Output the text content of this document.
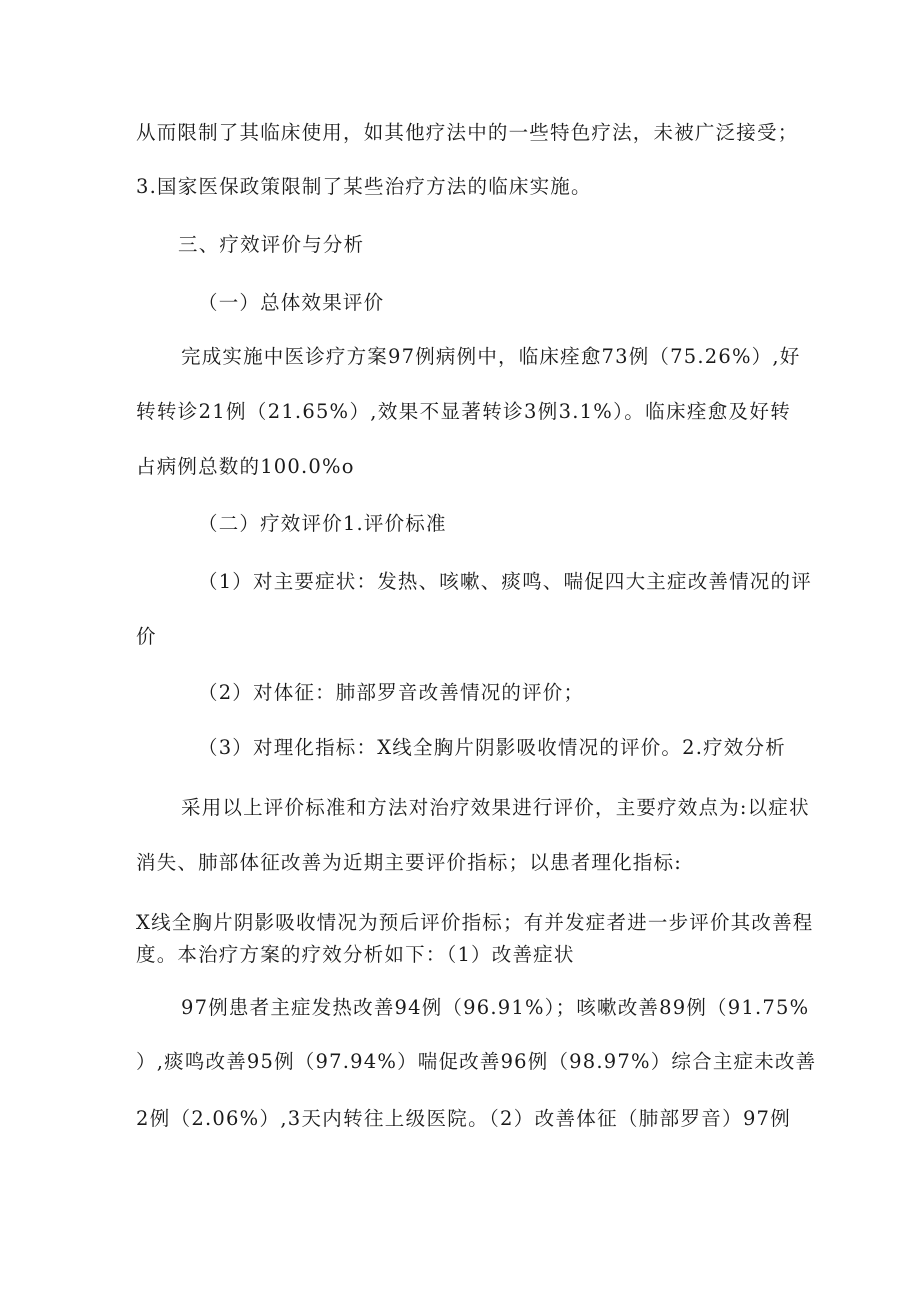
从而限制了其临床使用，如其他疗法中的一些特色疗法，未被广泛接受；
3.国家医保政策限制了某些治疗方法的临床实施。
三、疗效评价与分析
（一）总体效果评价
完成实施中医诊疗方案97例病例中，临床痊愈73例（75.26%）,好
转转诊21例（21.65%）,效果不显著转诊3例3.1%）。临床痊愈及好转
占病例总数的100.0%o
（二）疗效评价1.评价标准
（1）对主要症状：发热、咳嗽、痰鸣、喘促四大主症改善情况的评
价
（2）对体征：肺部罗音改善情况的评价；
（3）对理化指标：X线全胸片阴影吸收情况的评价。2.疗效分析
采用以上评价标准和方法对治疗效果进行评价，主要疗效点为:以症状
消失、肺部体征改善为近期主要评价指标；以患者理化指标:
X线全胸片阴影吸收情况为预后评价指标；有并发症者进一步评价其改善程
度。本治疗方案的疗效分析如下：（1）改善症状
97例患者主症发热改善94例（96.91%）；咳嗽改善89例（91.75%
）,痰鸣改善95例（97.94%）喘促改善96例（98.97%）综合主症未改善
2例（2.06%）,3天内转往上级医院。（2）改善体征（肺部罗音）97例
